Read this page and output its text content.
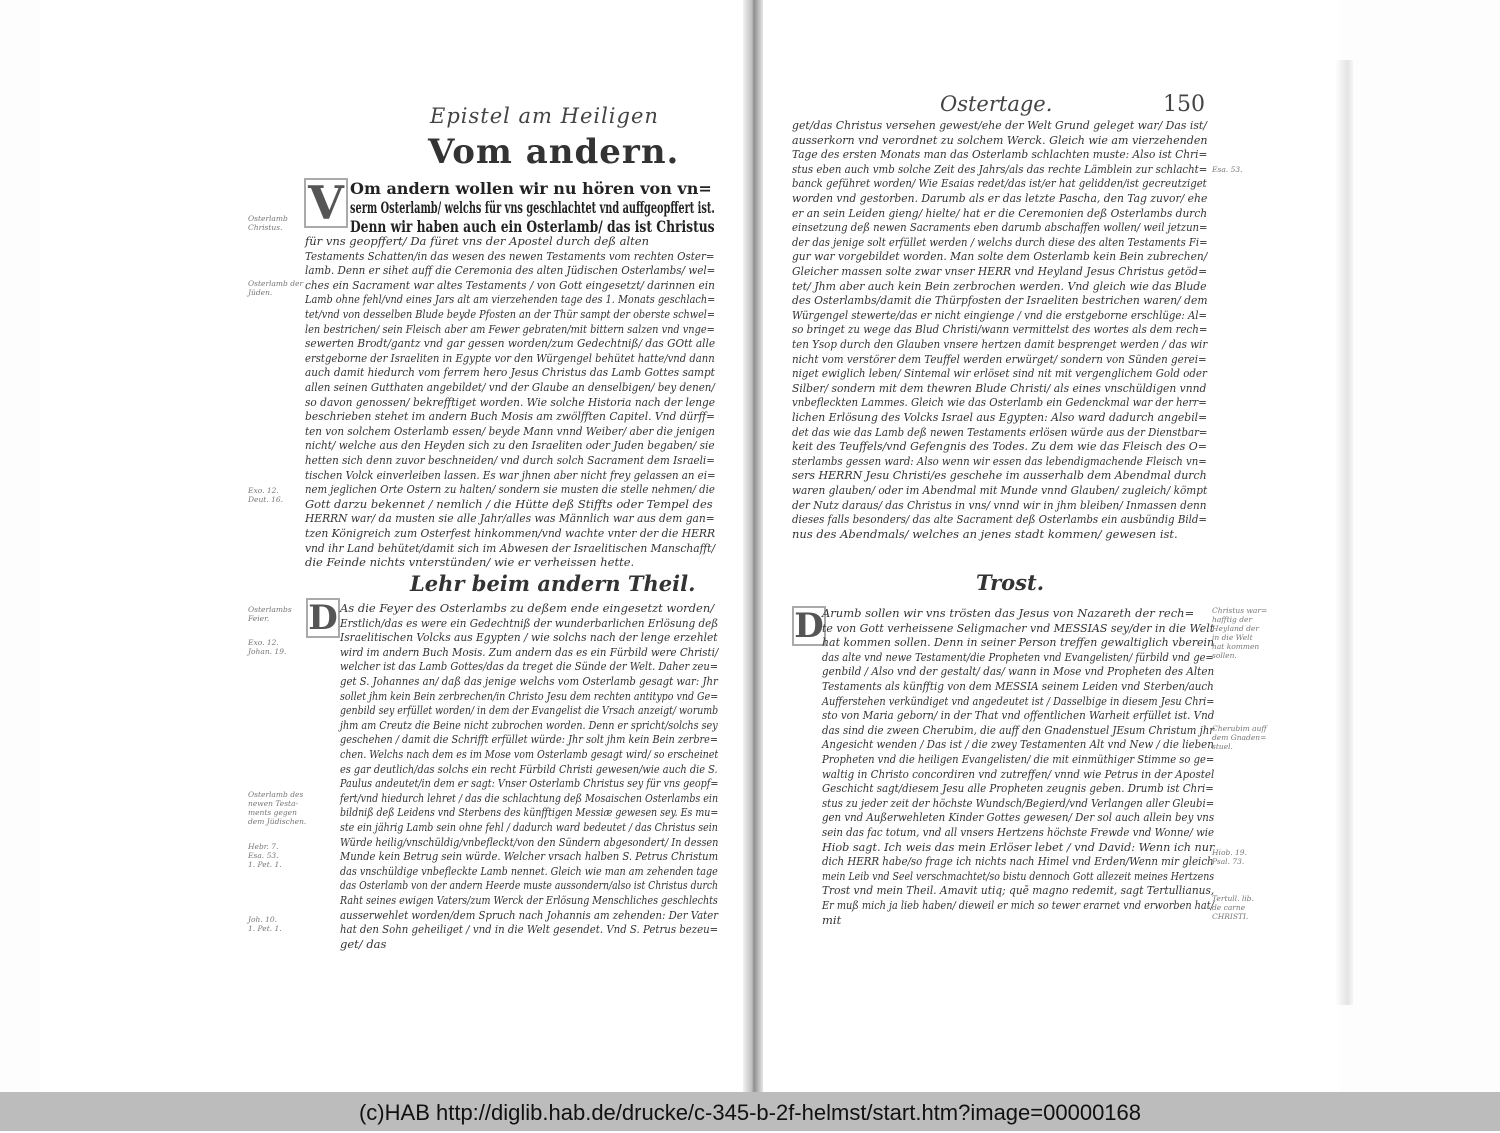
Epistel am Heiligen
Vom andern.
V Om andern wollen wir nu hören von vn=
serm Osterlamb/ welchs für vns geschlachtet vnd auffgeopffert ist.
Denn wir haben auch ein Osterlamb/ das ist Christus
für vns geopffert/ Da füret vns der Apostel durch deß alten
Testaments Schatten/in das wesen des newen Testaments vom rechten Oster=
lamb. Denn er sihet auff die Ceremonia des alten Jüdischen Osterlambs/ wel=
ches ein Sacrament war altes Testaments / von Gott eingesetzt/ darinnen ein
Lamb ohne fehl/vnd eines Jars alt am vierzehenden tage des 1. Monats geschlach=
tet/vnd von desselben Blude beyde Pfosten an der Thür sampt der oberste schwel=
len bestrichen/ sein Fleisch aber am Fewer gebraten/mit bittern salzen vnd vnge=
sewerten Brodt/gantz vnd gar gessen worden/zum Gedechtniß/ das GOtt alle
erstgeborne der Israeliten in Egypte vor den Würgengel behütet hatte/vnd dann
auch damit hiedurch vom ferrem hero Jesus Christus das Lamb Gottes sampt
allen seinen Gutthaten angebildet/ vnd der Glaube an denselbigen/ bey denen/
so davon genossen/ bekrefftiget worden. Wie solche Historia nach der lenge
beschrieben stehet im andern Buch Mosis am zwölfften Capitel. Vnd dürff=
ten von solchem Osterlamb essen/ beyde Mann vnnd Weiber/ aber die jenigen
nicht/ welche aus den Heyden sich zu den Israeliten oder Juden begaben/ sie
hetten sich denn zuvor beschneiden/ vnd durch solch Sacrament dem Israeli=
tischen Volck einverleiben lassen. Es war jhnen aber nicht frey gelassen an ei=
nem jeglichen Orte Ostern zu halten/ sondern sie musten die stelle nehmen/ die
Gott darzu bekennet / nemlich / die Hütte deß Stiffts oder Tempel des
HERRN war/ da musten sie alle Jahr/alles was Männlich war aus dem gan=
tzen Königreich zum Osterfest hinkommen/vnd wachte vnter der die HERR
vnd ihr Land behütet/damit sich im Abwesen der Israelitischen Manschafft/
die Feinde nichts vnterstünden/ wie er verheissen hette.
Lehr beim andern Theil.
D As die Feyer des Osterlambs zu deßem ende eingesetzt worden/
Erstlich/das es were ein Gedechtniß der wunderbarlichen Erlösung deß
Israelitischen Volcks aus Egypten / wie solchs nach der lenge erzehlet
wird im andern Buch Mosis. Zum andern das es ein Fürbild were Christi/
welcher ist das Lamb Gottes/das da treget die Sünde der Welt. Daher zeu=
get S. Johannes an/ daß das jenige welchs vom Osterlamb gesagt war: Jhr
sollet jhm kein Bein zerbrechen/in Christo Jesu dem rechten antitypo vnd Ge=
genbild sey erfüllet worden/ in dem der Evangelist die Vrsach anzeigt/ worumb
jhm am Creutz die Beine nicht zubrochen worden. Denn er spricht/solchs sey
geschehen / damit die Schrifft erfüllet würde: Jhr solt jhm kein Bein zerbre=
chen. Welchs nach dem es im Mose vom Osterlamb gesagt wird/ so erscheinet
es gar deutlich/das solchs ein recht Fürbild Christi gewesen/wie auch die S.
Paulus andeutet/in dem er sagt: Vnser Osterlamb Christus sey für vns geopf=
fert/vnd hiedurch lehret / das die schlachtung deß Mosaischen Osterlambs ein
bildniß deß Leidens vnd Sterbens des künfftigen Messiæ gewesen sey. Es mu=
ste ein jährig Lamb sein ohne fehl / dadurch ward bedeutet / das Christus sein
Würde heilig/vnschüldig/vnbefleckt/von den Sündern abgesondert/ In dessen
Munde kein Betrug sein würde. Welcher vrsach halben S. Petrus Christum
das vnschüldige vnbefleckte Lamb nennet. Gleich wie man am zehenden tage
das Osterlamb von der andern Heerde muste aussondern/also ist Christus durch
Raht seines ewigen Vaters/zum Werck der Erlösung Menschliches geschlechts
ausserwehlet worden/dem Spruch nach Johannis am zehenden: Der Vater
hat den Sohn geheiliget / vnd in die Welt gesendet. Vnd S. Petrus bezeu=
get/ das
Osterlamb
Christus.
Osterlamb der
Jüden.
Exo. 12.
Deut. 16.
Osterlambs
Feier.
Exo. 12.
Johan. 19.
Osterlamb des
newen Testa-
ments gegen
dem Jüdischen.
Hebr. 7.
Esa. 53.
1. Pet. 1.
Joh. 10.
1. Pet. 1.
Ostertage.	150
get/das Christus versehen gewest/ehe der Welt Grund geleget war/ Das ist/
ausserkorn vnd verordnet zu solchem Werck. Gleich wie am vierzehenden
Tage des ersten Monats man das Osterlamb schlachten muste: Also ist Chri=
stus eben auch vmb solche Zeit des Jahrs/als das rechte Lämblein zur schlacht=
banck geführet worden/ Wie Esaias redet/das ist/er hat gelidden/ist gecreutziget
worden vnd gestorben. Darumb als er das letzte Pascha, den Tag zuvor/ ehe
er an sein Leiden gieng/ hielte/ hat er die Ceremonien deß Osterlambs durch
einsetzung deß newen Sacraments eben darumb abschaffen wollen/ weil jetzun=
der das jenige solt erfüllet werden / welchs durch diese des alten Testaments Fi=
gur war vorgebildet worden. Man solte dem Osterlamb kein Bein zubrechen/
Gleicher massen solte zwar vnser HERR vnd Heyland Jesus Christus getöd=
tet/ Jhm aber auch kein Bein zerbrochen werden. Vnd gleich wie das Blude
des Osterlambs/damit die Thürpfosten der Israeliten bestrichen waren/ dem
Würgengel stewerte/das er nicht eingienge / vnd die erstgeborne erschlüge: Al=
so bringet zu wege das Blud Christi/wann vermittelst des wortes als dem rech=
ten Ysop durch den Glauben vnsere hertzen damit besprenget werden / das wir
nicht vom verstörer dem Teuffel werden erwürget/ sondern von Sünden gerei=
niget ewiglich leben/ Sintemal wir erlöset sind nit mit vergenglichem Gold oder
Silber/ sondern mit dem thewren Blude Christi/ als eines vnschüldigen vnnd
vnbefleckten Lammes. Gleich wie das Osterlamb ein Gedenckmal war der herr=
lichen Erlösung des Volcks Israel aus Egypten: Also ward dadurch angebil=
det das wie das Lamb deß newen Testaments erlösen würde aus der Dienstbar=
keit des Teuffels/vnd Gefengnis des Todes. Zu dem wie das Fleisch des O=
sterlambs gessen ward: Also wenn wir essen das lebendigmachende Fleisch vn=
sers HERRN Jesu Christi/es geschehe im ausserhalb dem Abendmal durch
waren glauben/ oder im Abendmal mit Munde vnnd Glauben/ zugleich/ kömpt
der Nutz daraus/ das Christus in vns/ vnnd wir in jhm bleiben/ Inmassen denn
dieses falls besonders/ das alte Sacrament deß Osterlambs ein ausbündig Bild=
nus des Abendmals/ welches an jenes stadt kommen/ gewesen ist.
Trost.
D
Arumb sollen wir vns trösten das Jesus von Nazareth der rech=
te von Gott verheissene Seligmacher vnd MESSIAS sey/der in die Welt
hat kommen sollen. Denn in seiner Person treffen gewaltiglich vberein
das alte vnd newe Testament/die Propheten vnd Evangelisten/ fürbild vnd ge=
genbild / Also vnd der gestalt/ das/ wann in Mose vnd Propheten des Alten
Testaments als künfftig von dem MESSIA seinem Leiden vnd Sterben/auch
Aufferstehen verkündiget vnd angedeutet ist / Dasselbige in diesem Jesu Chri=
sto von Maria geborn/ in der That vnd offentlichen Warheit erfüllet ist. Vnd
das sind die zween Cherubim, die auff den Gnadenstuel JEsum Christum jhr
Angesicht wenden / Das ist / die zwey Testamenten Alt vnd New / die lieben
Propheten vnd die heiligen Evangelisten/ die mit einmüthiger Stimme so ge=
waltig in Christo concordiren vnd zutreffen/ vnnd wie Petrus in der Apostel
Geschicht sagt/diesem Jesu alle Propheten zeugnis geben. Drumb ist Chri=
stus zu jeder zeit der höchste Wundsch/Begierd/vnd Verlangen aller Gleubi=
gen vnd Außerwehleten Kinder Gottes gewesen/ Der sol auch allein bey vns
sein das fac totum, vnd all vnsers Hertzens höchste Frewde vnd Wonne/ wie
Hiob sagt. Ich weis das mein Erlöser lebet / vnd David: Wenn ich nur
dich HERR habe/so frage ich nichts nach Himel vnd Erden/Wenn mir gleich
mein Leib vnd Seel verschmachtet/so bistu dennoch Gott allezeit meines Hertzens
Trost vnd mein Theil. Amavit utiq; quē magno redemit, sagt Tertullianus,
Er muß mich ja lieb haben/ dieweil er mich so tewer erarnet vnd erworben hat/
mit
Esa. 53.
Christus war=
hafftig der
Heyland der
in die Welt
hat kommen
sollen.
Cherubim auff
dem Gnaden=
stuel.
Hiob. 19.
Psal. 73.
Tertull. lib.
de carne
CHRISTI.
(c)HAB http://diglib.hab.de/drucke/c-345-b-2f-helmst/start.htm?image=00000168
